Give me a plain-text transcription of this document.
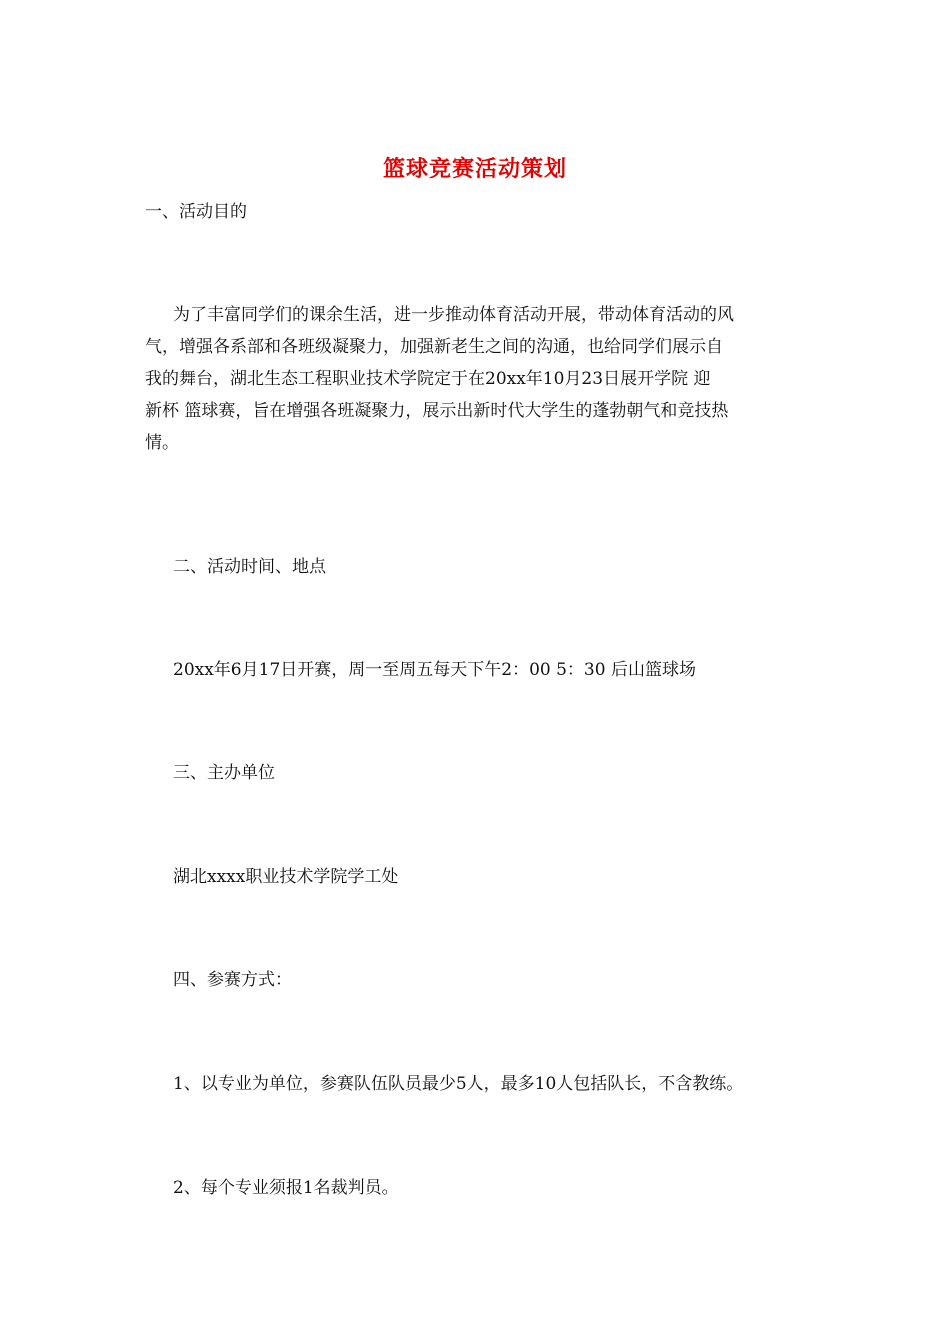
篮球竞赛活动策划
一、活动目的
为了丰富同学们的课余生活，进一步推动体育活动开展，带动体育活动的风
气，增强各系部和各班级凝聚力，加强新老生之间的沟通，也给同学们展示自
我的舞台，湖北生态工程职业技术学院定于在20xx年10月23日展开学院 迎
新杯 篮球赛，旨在增强各班凝聚力，展示出新时代大学生的蓬勃朝气和竞技热
情。
二、活动时间、地点
20xx年6月17日开赛，周一至周五每天下午2：00 5：30 后山篮球场
三、主办单位
湖北xxxx职业技术学院学工处
四、参赛方式：
1、以专业为单位，参赛队伍队员最少5人，最多10人包括队长，不含教练。
2、每个专业须报1名裁判员。
